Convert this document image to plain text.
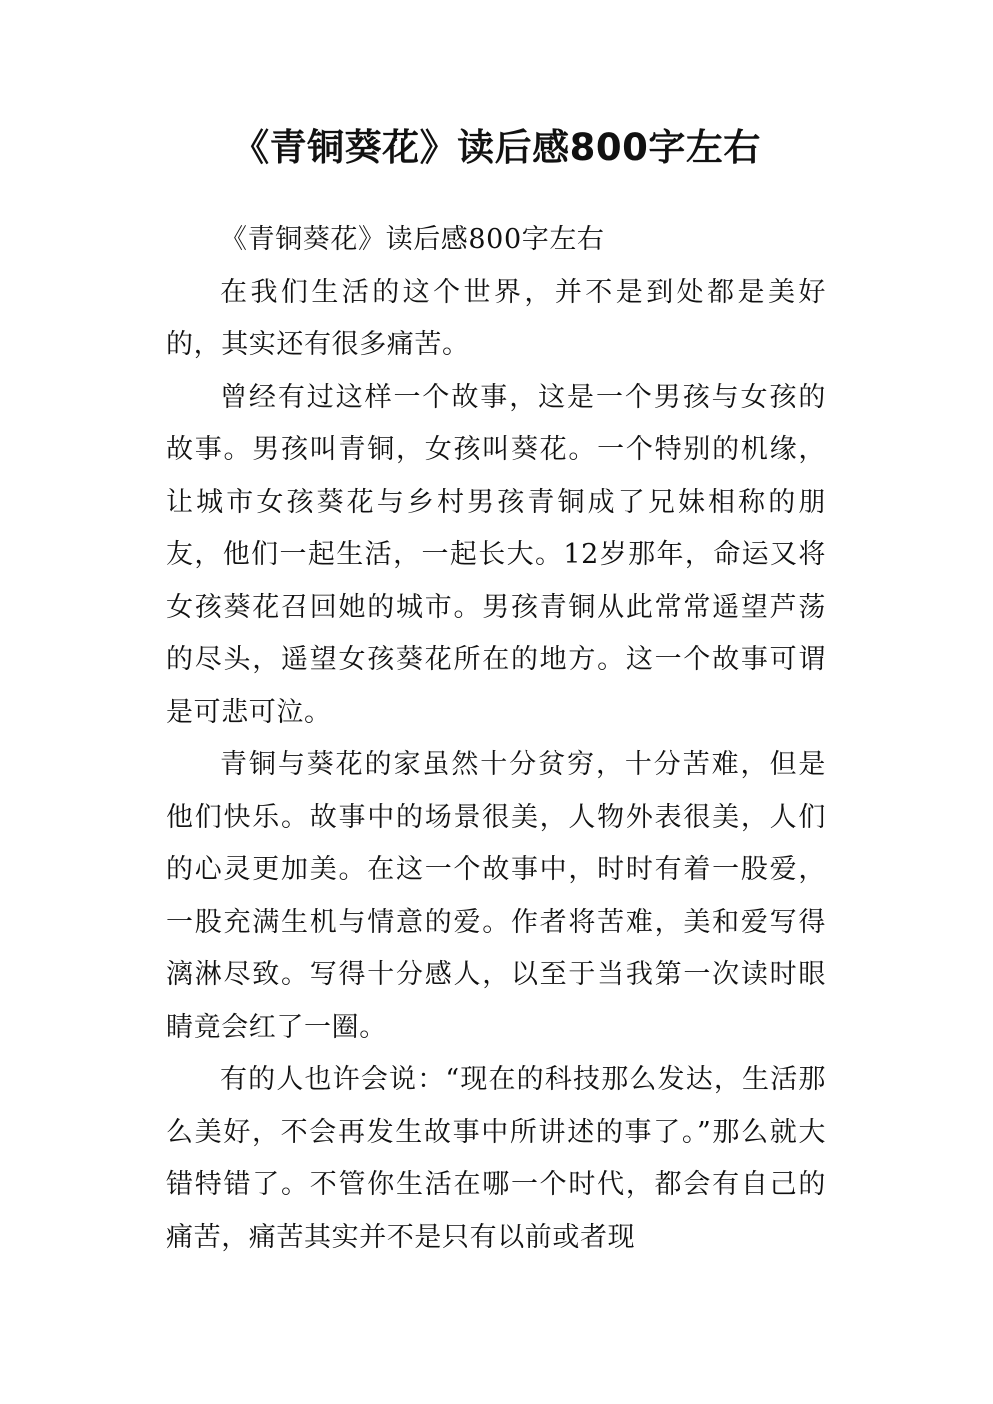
《青铜葵花》读后感800字左右

《青铜葵花》读后感800字左右

在我们生活的这个世界，并不是到处都是美好的，其实还有很多痛苦。

曾经有过这样一个故事，这是一个男孩与女孩的故事。男孩叫青铜，女孩叫葵花。一个特别的机缘，让城市女孩葵花与乡村男孩青铜成了兄妹相称的朋友，他们一起生活，一起长大。12岁那年，命运又将女孩葵花召回她的城市。男孩青铜从此常常遥望芦荡的尽头，遥望女孩葵花所在的地方。这一个故事可谓是可悲可泣。

青铜与葵花的家虽然十分贫穷，十分苦难，但是他们快乐。故事中的场景很美，人物外表很美，人们的心灵更加美。在这一个故事中，时时有着一股爱，一股充满生机与情意的爱。作者将苦难，美和爱写得漓淋尽致。写得十分感人，以至于当我第一次读时眼睛竟会红了一圈。

有的人也许会说：“现在的科技那么发达，生活那么美好，不会再发生故事中所讲述的事了。”那么就大错特错了。不管你生活在哪一个时代，都会有自己的痛苦，痛苦其实并不是只有以前或者现
